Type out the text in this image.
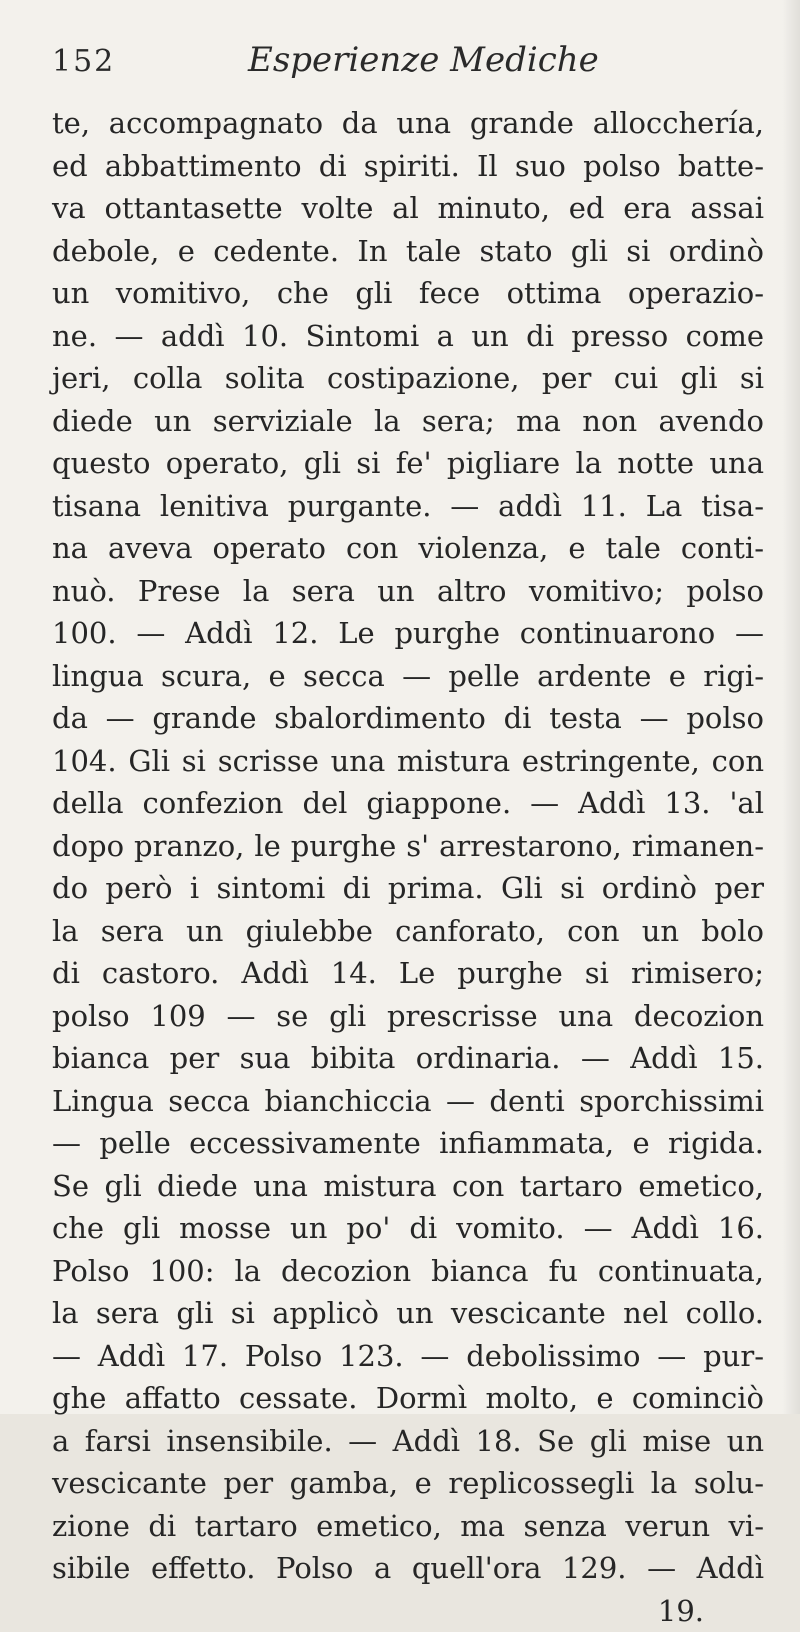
152	Esperienze Mediche
te, accompagnato da una grande allocchería,
ed abbattimento di spiriti. Il suo polso batte-
va ottantasette volte al minuto, ed era assai
debole, e cedente. In tale stato gli si ordinò
un vomitivo, che gli fece ottima operazio-
ne. — addì 10. Sintomi a un di presso come
jeri, colla solita costipazione, per cui gli si
diede un serviziale la sera; ma non avendo
questo operato, gli si fe' pigliare la notte una
tisana lenitiva purgante. — addì 11. La tisa-
na aveva operato con violenza, e tale conti-
nuò. Prese la sera un altro vomitivo; polso
100. — Addì 12. Le purghe continuarono —
lingua scura, e secca — pelle ardente e rigi-
da — grande sbalordimento di testa — polso
104. Gli si scrisse una mistura estringente, con
della confezion del giappone. — Addì 13. 'al
dopo pranzo, le purghe s' arrestarono, rimanen-
do però i sintomi di prima. Gli si ordinò per
la sera un giulebbe canforato, con un bolo
di castoro. Addì 14. Le purghe si rimisero;
polso 109 — se gli prescrisse una decozion
bianca per sua bibita ordinaria. — Addì 15.
Lingua secca bianchiccia — denti sporchissimi
— pelle eccessivamente infiammata, e rigida.
Se gli diede una mistura con tartaro emetico,
che gli mosse un po' di vomito. — Addì 16.
Polso 100: la decozion bianca fu continuata,
la sera gli si applicò un vescicante nel collo.
— Addì 17. Polso 123. — debolissimo — pur-
ghe affatto cessate. Dormì molto, e cominciò
a farsi insensibile. — Addì 18. Se gli mise un
vescicante per gamba, e replicossegli la solu-
zione di tartaro emetico, ma senza verun vi-
sibile effetto. Polso a quell'ora 129. — Addì
19.
